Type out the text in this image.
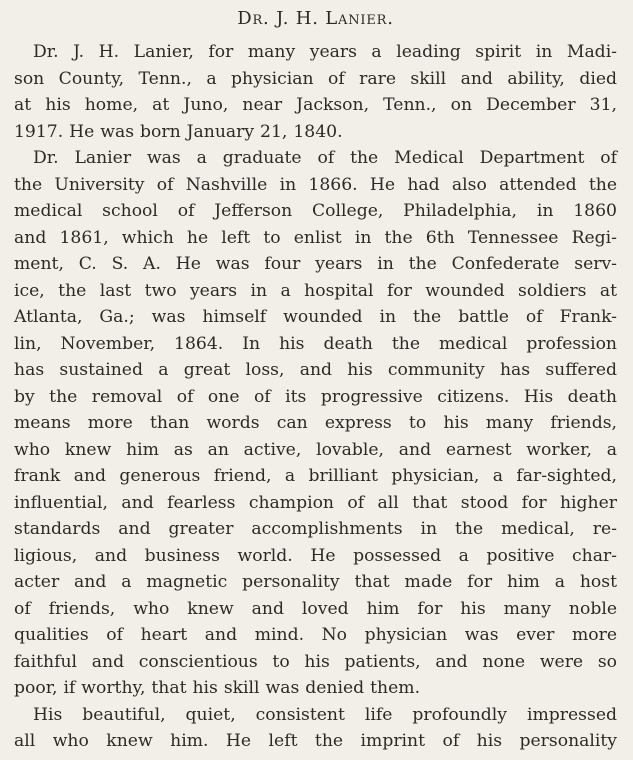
Dr. J. H. Lanier.
Dr. J. H. Lanier, for many years a leading spirit in Madi-
son County, Tenn., a physician of rare skill and ability, died
at his home, at Juno, near Jackson, Tenn., on December 31,
1917. He was born January 21, 1840.
Dr. Lanier was a graduate of the Medical Department of
the University of Nashville in 1866. He had also attended the
medical school of Jefferson College, Philadelphia, in 1860
and 1861, which he left to enlist in the 6th Tennessee Regi-
ment, C. S. A. He was four years in the Confederate serv-
ice, the last two years in a hospital for wounded soldiers at
Atlanta, Ga.; was himself wounded in the battle of Frank-
lin, November, 1864. In his death the medical profession
has sustained a great loss, and his community has suffered
by the removal of one of its progressive citizens. His death
means more than words can express to his many friends,
who knew him as an active, lovable, and earnest worker, a
frank and generous friend, a brilliant physician, a far-sighted,
influential, and fearless champion of all that stood for higher
standards and greater accomplishments in the medical, re-
ligious, and business world. He possessed a positive char-
acter and a magnetic personality that made for him a host
of friends, who knew and loved him for his many noble
qualities of heart and mind. No physician was ever more
faithful and conscientious to his patients, and none were so
poor, if worthy, that his skill was denied them.
His beautiful, quiet, consistent life profoundly impressed
all who knew him. He left the imprint of his personality
